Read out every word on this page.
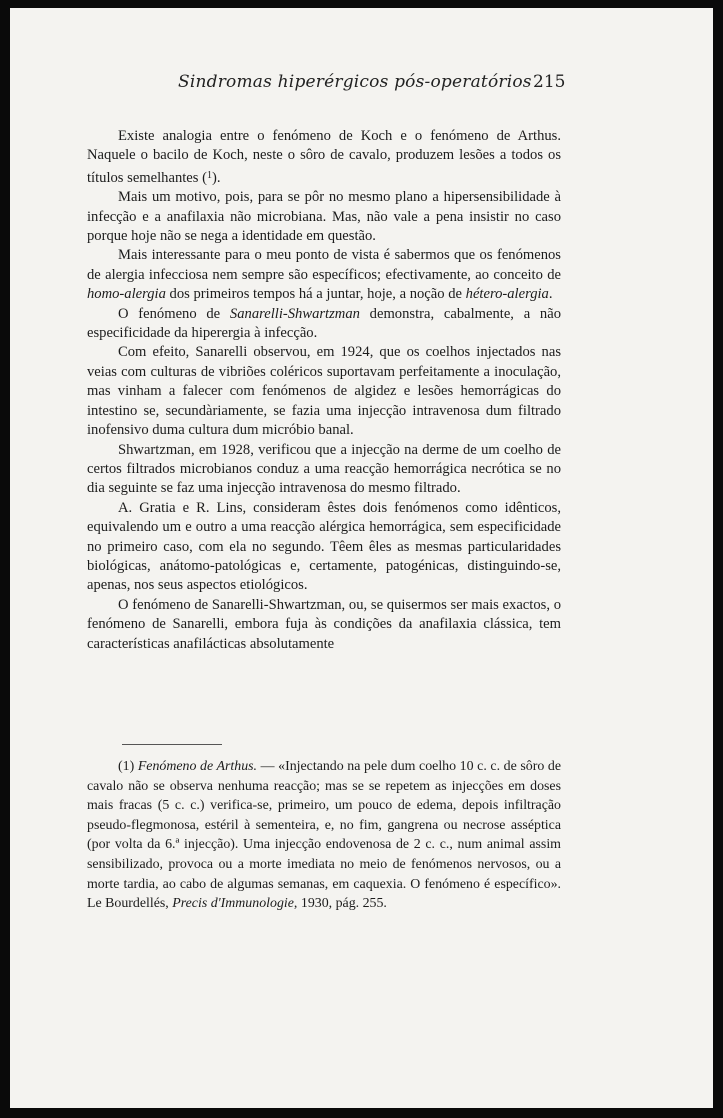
Sindromas hiperérgicos pós-operatórios 215

Existe analogia entre o fenómeno de Koch e o fenómeno de Arthus. Naquele o bacilo de Koch, neste o sôro de cavalo, produzem lesões a todos os títulos semelhantes ($^1$).

Mais um motivo, pois, para se pôr no mesmo plano a hipersensibilidade à infecção e a anafilaxia não microbiana. Mas, não vale a pena insistir no caso porque hoje não se nega a identidade em questão.

Mais interessante para o meu ponto de vista é sabermos que os fenómenos de alergia infecciosa nem sempre são específicos; efectivamente, ao conceito de homo-alergia dos primeiros tempos há a juntar, hoje, a noção de hétero-alergia.

O fenómeno de Sanarelli-Shwartzman demonstra, cabalmente, a não especificidade da hiperergia à infecção.

Com efeito, Sanarelli observou, em 1924, que os coelhos injectados nas veias com culturas de vibriões coléricos suportavam perfeitamente a inoculação, mas vinham a falecer com fenómenos de algidez e lesões hemorrágicas do intestino se, secundàriamente, se fazia uma injecção intravenosa dum filtrado inofensivo duma cultura dum micróbio banal.

Shwartzman, em 1928, verificou que a injecção na derme de um coelho de certos filtrados microbianos conduz a uma reacção hemorrágica necrótica se no dia seguinte se faz uma injecção intravenosa do mesmo filtrado.

A. Gratia e R. Lins, consideram êstes dois fenómenos como idênticos, equivalendo um e outro a uma reacção alérgica hemorrágica, sem especificidade no primeiro caso, com ela no segundo. Têem êles as mesmas particularidades biológicas, anátomo-patológicas e, certamente, patogénicas, distinguindo-se, apenas, nos seus aspectos etiológicos.

O fenómeno de Sanarelli-Shwartzman, ou, se quisermos ser mais exactos, o fenómeno de Sanarelli, embora fuja às condições da anafilaxia clássica, tem características anafilácticas absolutamente

(1) Fenómeno de Arthus. — «Injectando na pele dum coelho 10 c. c. de sôro de cavalo não se observa nenhuma reacção; mas se se repetem as injecções em doses mais fracas (5 c. c.) verifica-se, primeiro, um pouco de edema, depois infiltração pseudo-flegmonosa, estéril à sementeira, e, no fim, gangrena ou necrose asséptica (por volta da 6.ª injecção). Uma injecção endovenosa de 2 c. c., num animal assim sensibilizado, provoca ou a morte imediata no meio de fenómenos nervosos, ou a morte tardia, ao cabo de algumas semanas, em caquexia. O fenómeno é específico». Le Bourdellés, Precis d'Immunologie, 1930, pág. 255.
